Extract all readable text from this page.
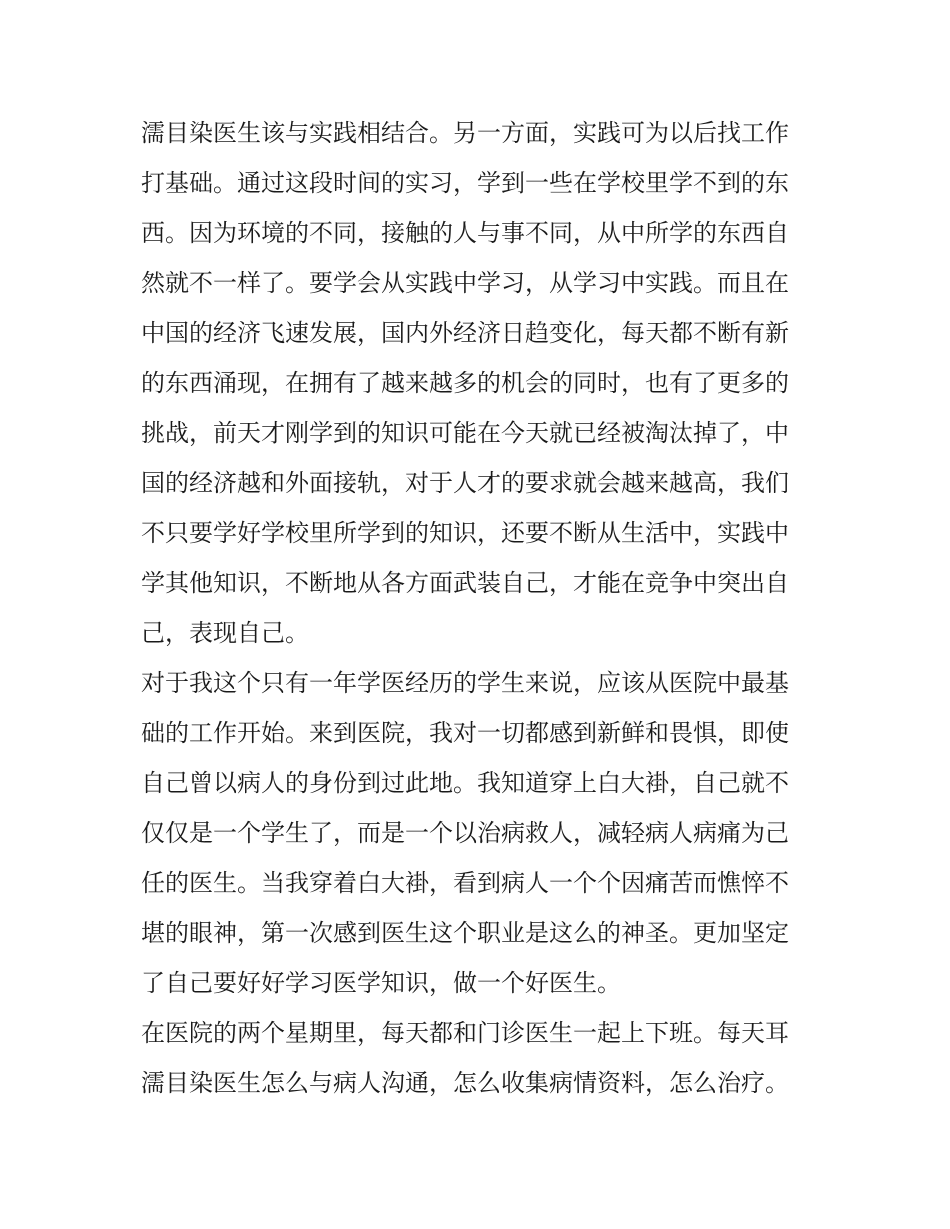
濡目染医生该与实践相结合。另一方面，实践可为以后找工作
打基础。通过这段时间的实习，学到一些在学校里学不到的东
西。因为环境的不同，接触的人与事不同，从中所学的东西自
然就不一样了。要学会从实践中学习，从学习中实践。而且在
中国的经济飞速发展，国内外经济日趋变化，每天都不断有新
的东西涌现，在拥有了越来越多的机会的同时，也有了更多的
挑战，前天才刚学到的知识可能在今天就已经被淘汰掉了，中
国的经济越和外面接轨，对于人才的要求就会越来越高，我们
不只要学好学校里所学到的知识，还要不断从生活中，实践中
学其他知识，不断地从各方面武装自己，才能在竞争中突出自
己，表现自己。
对于我这个只有一年学医经历的学生来说，应该从医院中最基
础的工作开始。来到医院，我对一切都感到新鲜和畏惧，即使
自己曾以病人的身份到过此地。我知道穿上白大褂，自己就不
仅仅是一个学生了，而是一个以治病救人，减轻病人病痛为己
任的医生。当我穿着白大褂，看到病人一个个因痛苦而憔悴不
堪的眼神，第一次感到医生这个职业是这么的神圣。更加坚定
了自己要好好学习医学知识，做一个好医生。
在医院的两个星期里，每天都和门诊医生一起上下班。每天耳
濡目染医生怎么与病人沟通，怎么收集病情资料，怎么治疗。
